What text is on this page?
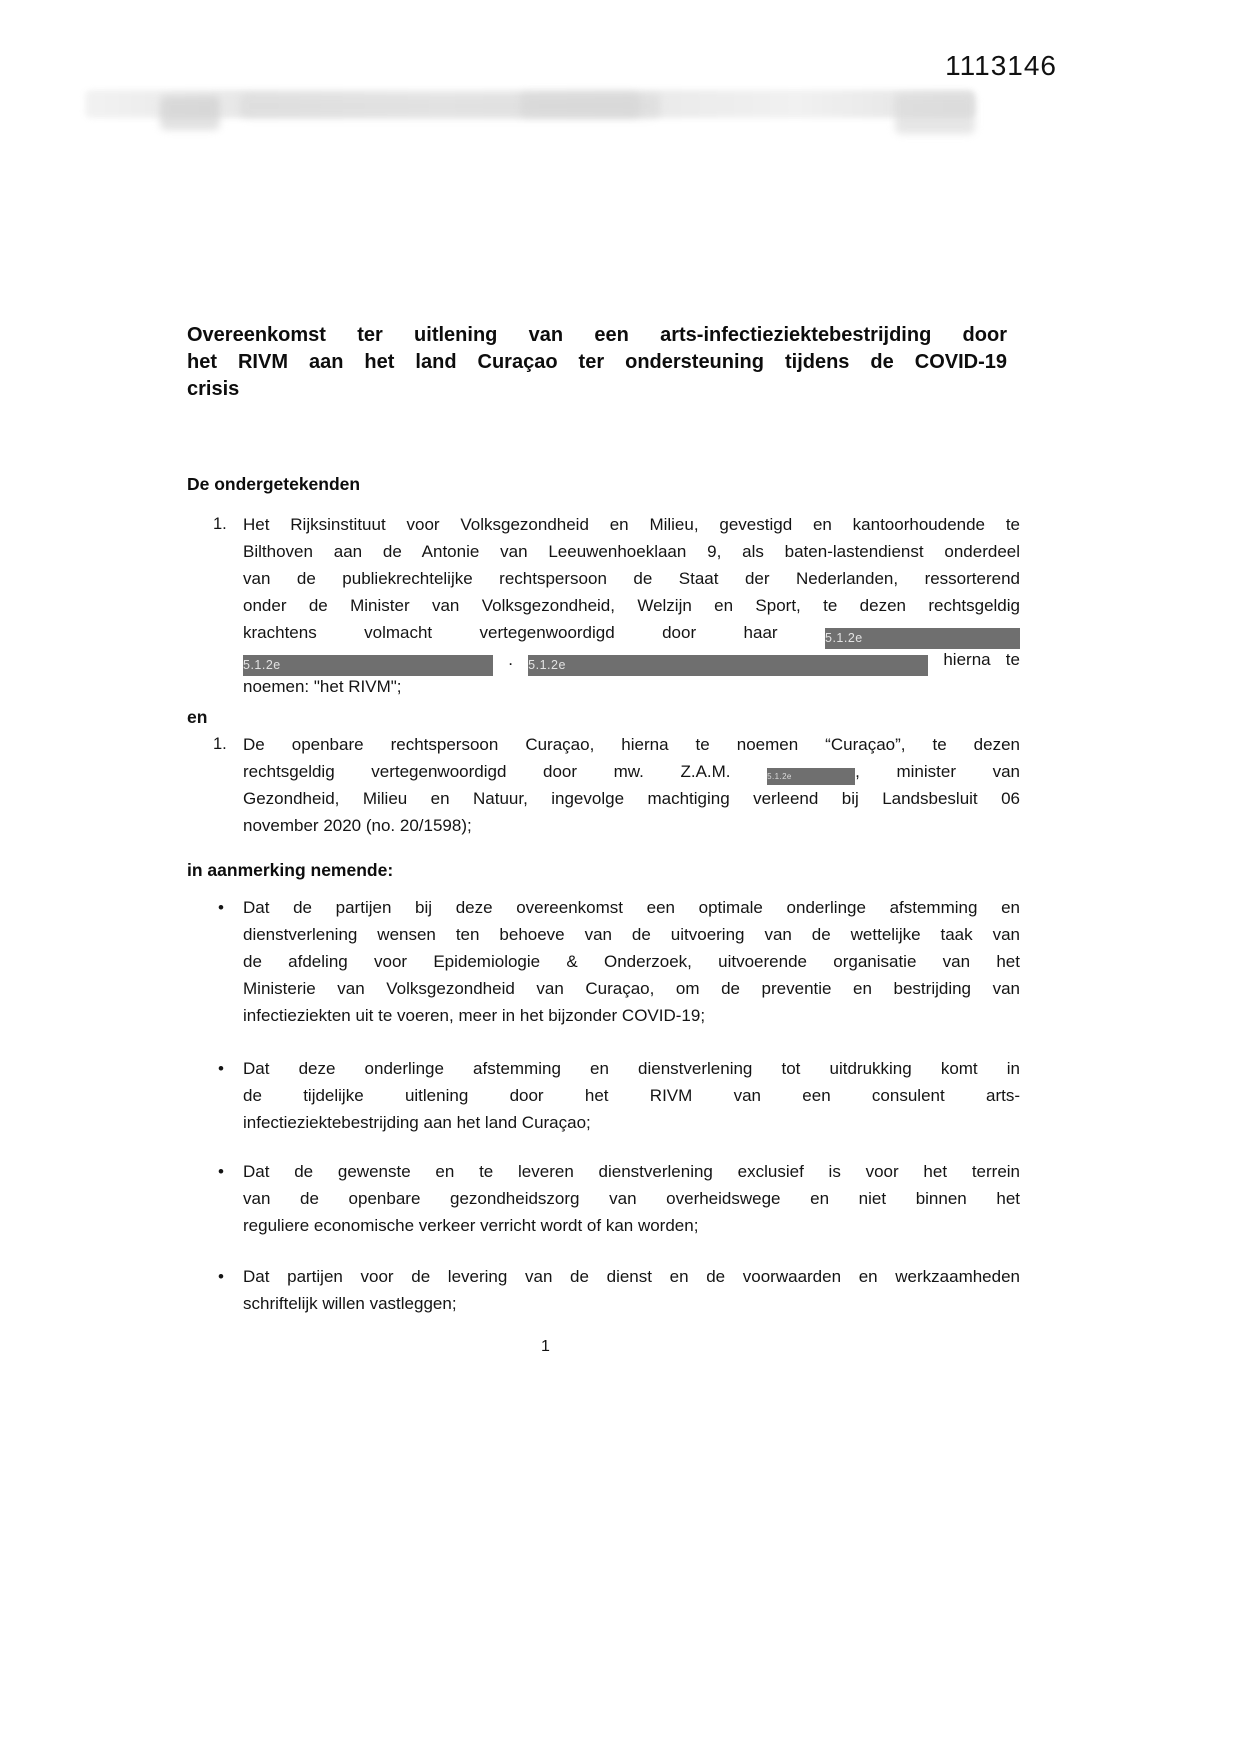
1113146
Overeenkomst ter uitlening van een arts-infectieziektebestrijding door
het RIVM aan het land Curaçao ter ondersteuning tijdens de COVID-19
crisis
De ondergetekenden
1. Het Rijksinstituut voor Volksgezondheid en Milieu, gevestigd en kantoorhoudende te
Bilthoven aan de Antonie van Leeuwenhoeklaan 9, als baten-lastendienst onderdeel
van de publiekrechtelijke rechtspersoon de Staat der Nederlanden, ressorterend
onder de Minister van Volksgezondheid, Welzijn en Sport, te dezen rechtsgeldig
krachtens volmacht vertegenwoordigd door haar	5.1.2e
5.1.2e	. 5.1.2e	hierna te
noemen: "het RIVM";
en
1. De openbare rechtspersoon Curaçao, hierna te noemen “Curaçao”, te dezen
rechtsgeldig vertegenwoordigd door mw. Z.A.M.	5.1.2e	, minister van
Gezondheid, Milieu en Natuur, ingevolge machtiging verleend bij Landsbesluit 06
november 2020 (no. 20/1598);
in aanmerking nemende:
•	Dat de partijen bij deze overeenkomst een optimale onderlinge afstemming en
dienstverlening wensen ten behoeve van de uitvoering van de wettelijke taak van
de afdeling voor Epidemiologie & Onderzoek, uitvoerende organisatie van het
Ministerie van Volksgezondheid van Curaçao, om de preventie en bestrijding van
infectieziekten uit te voeren, meer in het bijzonder COVID-19;
•	Dat deze onderlinge afstemming en dienstverlening tot uitdrukking komt in
de tijdelijke uitlening door het RIVM van een consulent arts-
infectieziektebestrijding aan het land Curaçao;
•	Dat de gewenste en te leveren dienstverlening exclusief is voor het terrein
van de openbare gezondheidszorg van overheidswege en niet binnen het
reguliere economische verkeer verricht wordt of kan worden;
•	Dat partijen voor de levering van de dienst en de voorwaarden en werkzaamheden
schriftelijk willen vastleggen;
1
